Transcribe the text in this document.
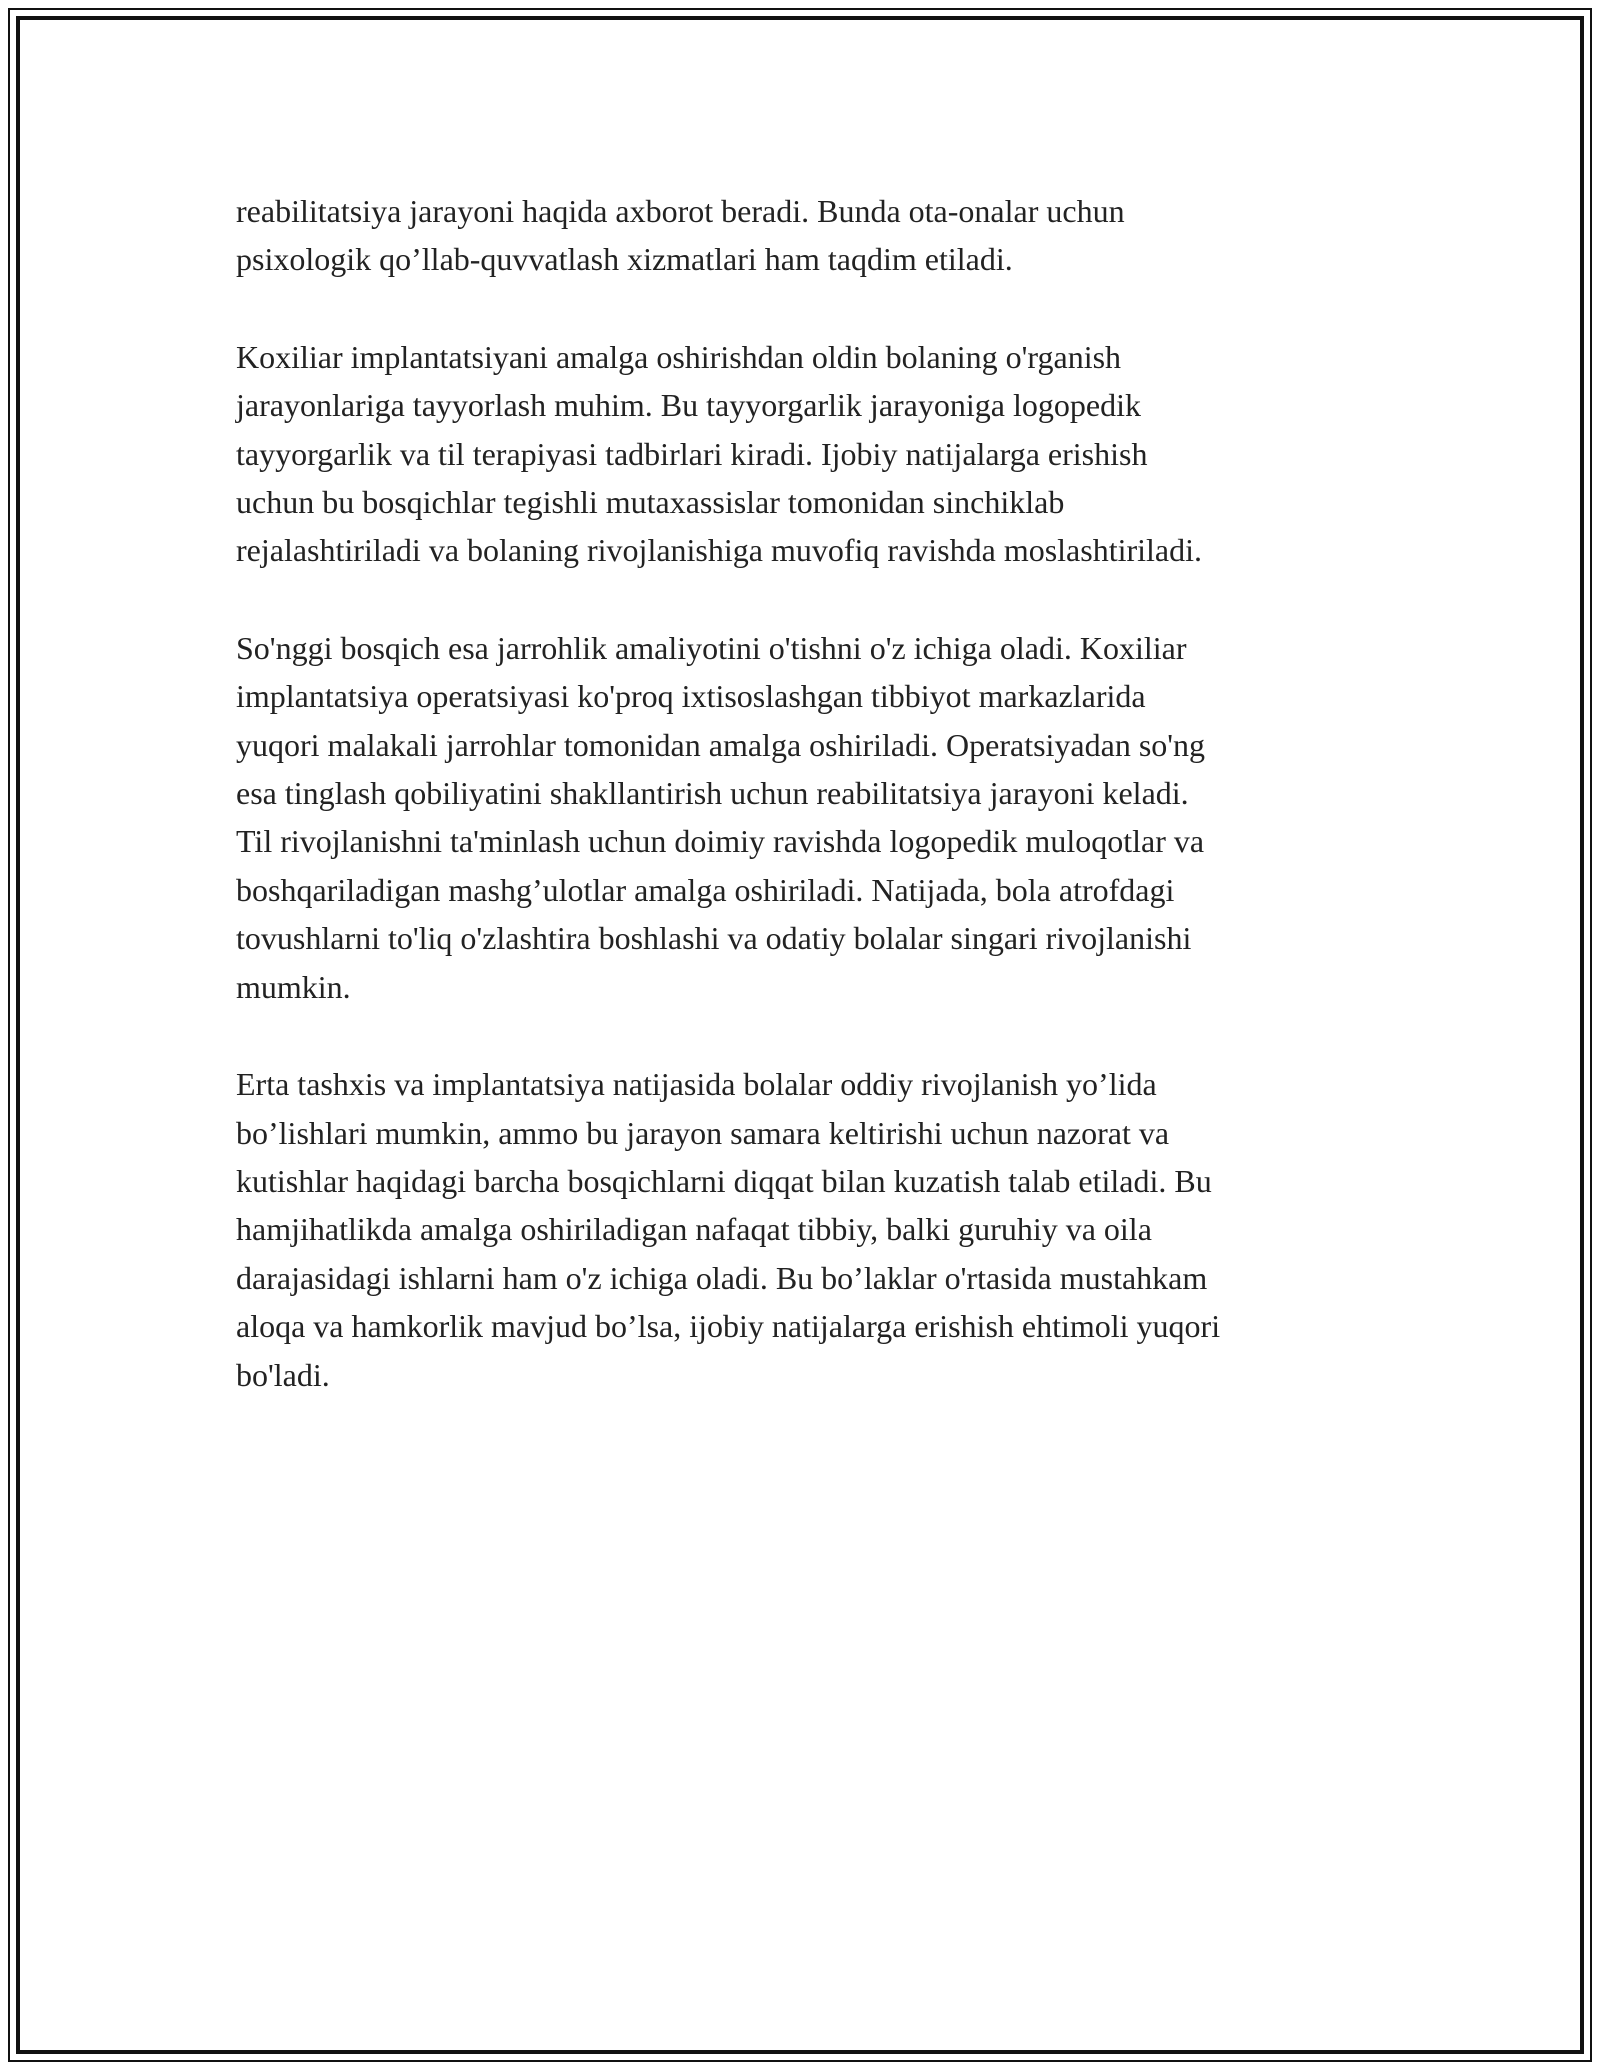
reabilitatsiya jarayoni haqida axborot beradi. Bunda ota-onalar uchun
psixologik qo’llab-quvvatlash xizmatlari ham taqdim etiladi.

Koxiliar implantatsiyani amalga oshirishdan oldin bolaning o'rganish
jarayonlariga tayyorlash muhim. Bu tayyorgarlik jarayoniga logopedik
tayyorgarlik va til terapiyasi tadbirlari kiradi. Ijobiy natijalarga erishish
uchun bu bosqichlar tegishli mutaxassislar tomonidan sinchiklab
rejalashtiriladi va bolaning rivojlanishiga muvofiq ravishda moslashtiriladi.

So'nggi bosqich esa jarrohlik amaliyotini o'tishni o'z ichiga oladi. Koxiliar
implantatsiya operatsiyasi ko'proq ixtisoslashgan tibbiyot markazlarida
yuqori malakali jarrohlar tomonidan amalga oshiriladi. Operatsiyadan so'ng
esa tinglash qobiliyatini shakllantirish uchun reabilitatsiya jarayoni keladi.
Til rivojlanishni ta'minlash uchun doimiy ravishda logopedik muloqotlar va
boshqariladigan mashg’ulotlar amalga oshiriladi. Natijada, bola atrofdagi
tovushlarni to'liq o'zlashtira boshlashi va odatiy bolalar singari rivojlanishi
mumkin.

Erta tashxis va implantatsiya natijasida bolalar oddiy rivojlanish yo’lida
bo’lishlari mumkin, ammo bu jarayon samara keltirishi uchun nazorat va
kutishlar haqidagi barcha bosqichlarni diqqat bilan kuzatish talab etiladi. Bu
hamjihatlikda amalga oshiriladigan nafaqat tibbiy, balki guruhiy va oila
darajasidagi ishlarni ham o'z ichiga oladi. Bu bo’laklar o'rtasida mustahkam
aloqa va hamkorlik mavjud bo’lsa, ijobiy natijalarga erishish ehtimoli yuqori
bo'ladi.
